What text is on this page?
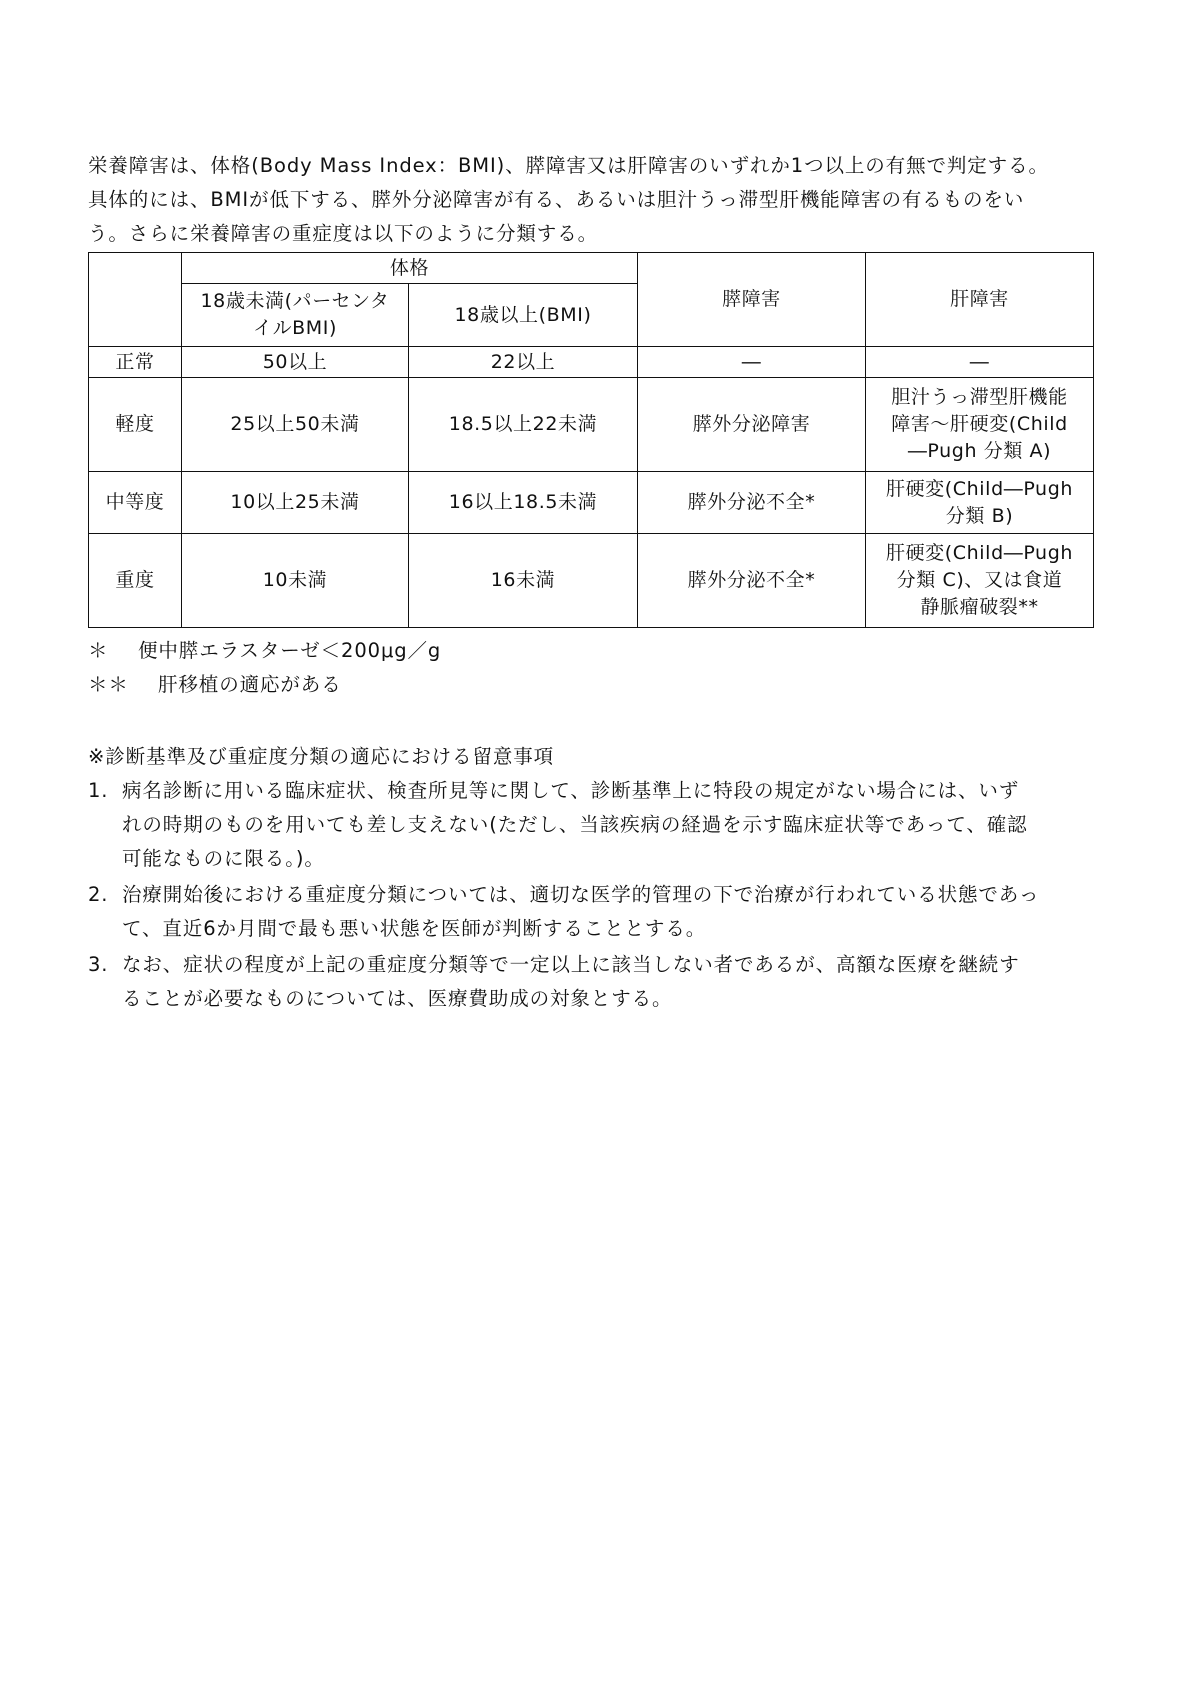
栄養障害は、体格(Body Mass Index：BMI)、膵障害又は肝障害のいずれか1つ以上の有無で判定する。
具体的には、BMIが低下する、膵外分泌障害が有る、あるいは胆汁うっ滞型肝機能障害の有るものをい
う。さらに栄養障害の重症度は以下のように分類する。
	体格		膵障害	肝障害

	18歳未満(パーセンタ
イルBMI)	18歳以上(BMI)		
正常	50以上	22以上	―	―

軽度	25以上50未満	18.5以上22未満	膵外分泌障害	胆汁うっ滞型肝機能
障害～肝硬変(Child
―Pugh 分類 A)

中等度	10以上25未満	16以上18.5未満	膵外分泌不全*	肝硬変(Child―Pugh
分類 B)

重度	10未満	16未満	膵外分泌不全*	肝硬変(Child―Pugh
分類 C)、又は食道
静脈瘤破裂**
＊ 便中膵エラスターゼ＜200μg／g
＊＊ 肝移植の適応がある
※診断基準及び重症度分類の適応における留意事項
1. 病名診断に用いる臨床症状、検査所見等に関して、診断基準上に特段の規定がない場合には、いず
れの時期のものを用いても差し支えない(ただし、当該疾病の経過を示す臨床症状等であって、確認
可能なものに限る。)。
2. 治療開始後における重症度分類については、適切な医学的管理の下で治療が行われている状態であっ
て、直近6か月間で最も悪い状態を医師が判断することとする。
3. なお、症状の程度が上記の重症度分類等で一定以上に該当しない者であるが、高額な医療を継続す
ることが必要なものについては、医療費助成の対象とする。
